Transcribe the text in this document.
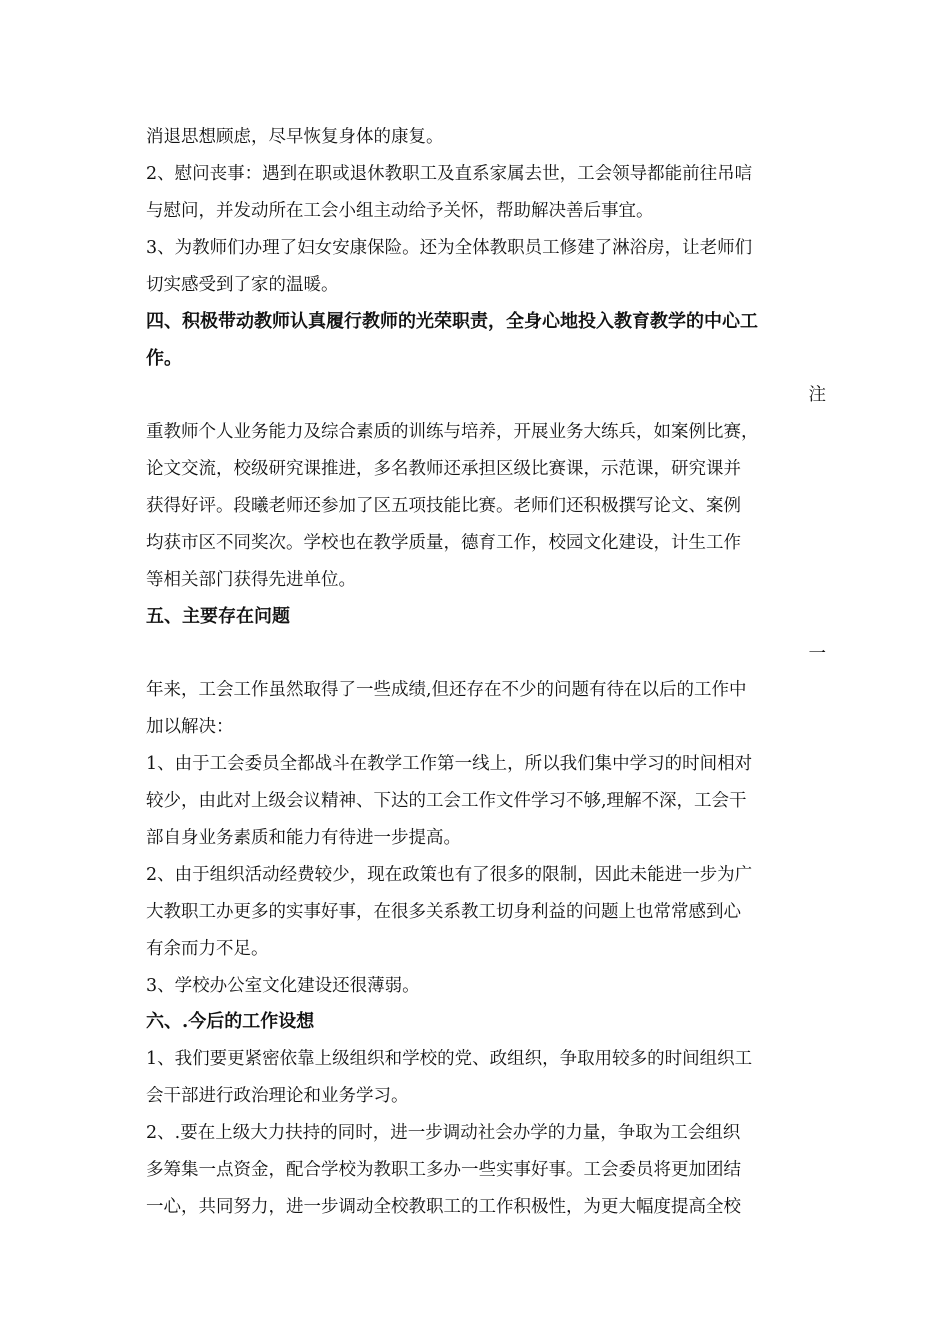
消退思想顾虑，尽早恢复身体的康复。
2、慰问丧事：遇到在职或退休教职工及直系家属去世，工会领导都能前往吊唁
与慰问，并发动所在工会小组主动给予关怀，帮助解决善后事宜。
3、为教师们办理了妇女安康保险。还为全体教职员工修建了淋浴房，让老师们
切实感受到了家的温暖。
四、积极带动教师认真履行教师的光荣职责，全身心地投入教育教学的中心工
作。
注
重教师个人业务能力及综合素质的训练与培养，开展业务大练兵，如案例比赛，
论文交流，校级研究课推进，多名教师还承担区级比赛课，示范课，研究课并
获得好评。段曦老师还参加了区五项技能比赛。老师们还积极撰写论文、案例
均获市区不同奖次。学校也在教学质量，德育工作，校园文化建设，计生工作
等相关部门获得先进单位。
五、主要存在问题
一
年来，工会工作虽然取得了一些成绩,但还存在不少的问题有待在以后的工作中
加以解决：
1、由于工会委员全都战斗在教学工作第一线上，所以我们集中学习的时间相对
较少，由此对上级会议精神、下达的工会工作文件学习不够,理解不深，工会干
部自身业务素质和能力有待进一步提高。
2、由于组织活动经费较少，现在政策也有了很多的限制，因此未能进一步为广
大教职工办更多的实事好事，在很多关系教工切身利益的问题上也常常感到心
有余而力不足。
3、学校办公室文化建设还很薄弱。
六、.今后的工作设想
1、我们要更紧密依靠上级组织和学校的党、政组织，争取用较多的时间组织工
会干部进行政治理论和业务学习。
2、.要在上级大力扶持的同时，进一步调动社会办学的力量，争取为工会组织
多筹集一点资金，配合学校为教职工多办一些实事好事。工会委员将更加团结
一心，共同努力，进一步调动全校教职工的工作积极性，为更大幅度提高全校
